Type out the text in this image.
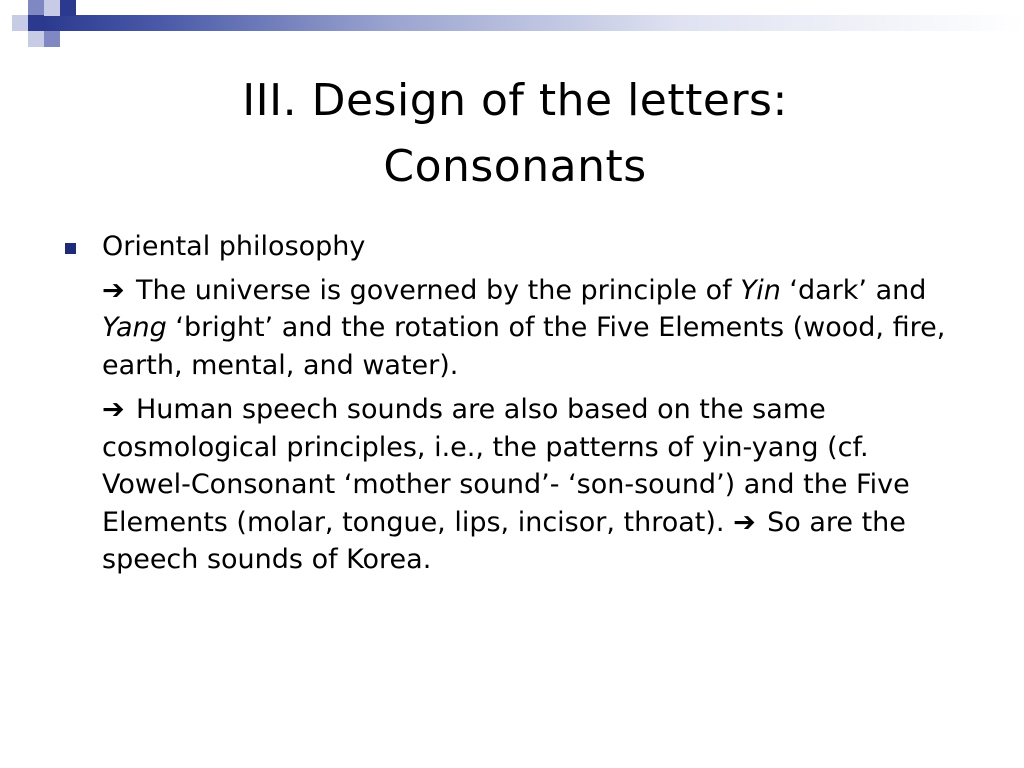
III. Design of the letters:
Consonants
Oriental philosophy
➔ The universe is governed by the principle of Yin ‘dark’ and Yang ‘bright’ and the rotation of the Five Elements (wood, fire, earth, mental, and water).
➔ Human speech sounds are also based on the same cosmological principles, i.e., the patterns of yin-yang (cf. Vowel-Consonant ‘mother sound’- ‘son-sound’) and the Five Elements (molar, tongue, lips, incisor, throat). ➔ So are the speech sounds of Korea.
